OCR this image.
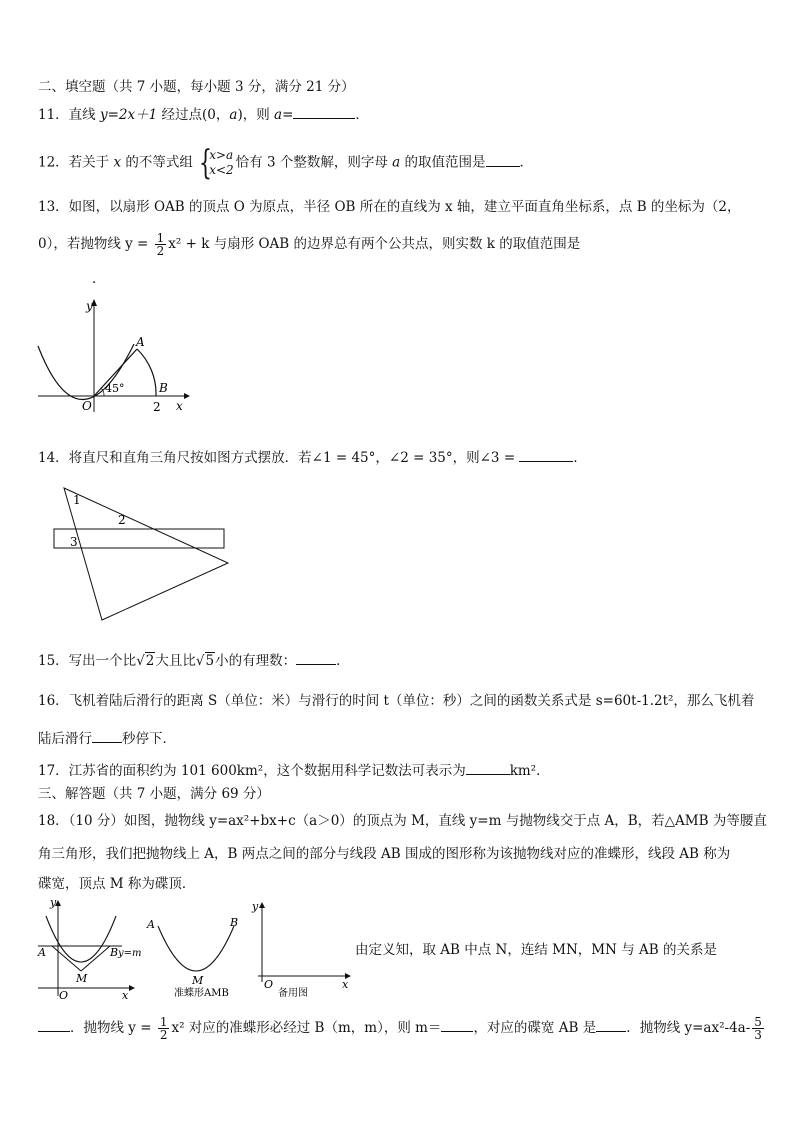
二、填空题（共 7 小题，每小题 3 分，满分 21 分）
11．直线 y=2x＋1 经过点(0，a)，则 a=	．
12．若关于 x 的不等式组 {
x>a
x<2 恰有 3 个整数解，则字母 a 的取值范围是	．
13．如图，以扇形 OAB 的顶点 O 为原点，半径 OB 所在的直线为 x 轴，建立平面直角坐标系，点 B 的坐标为（2，
0），若抛物线 $y = \frac{1}{2} x^2 + k$ 与扇形 OAB 的边界总有两个公共点，则实数 k 的取值范围是
．
y
x
O
A
B
45°
2
14．将直尺和直角三角尺按如图方式摆放．若∠1 = 45°，∠2 = 35°，则∠3 =	．
1
2
3
15．写出一个比√2大且比√5小的有理数：	．
16．飞机着陆后滑行的距离 S（单位：米）与滑行的时间 t（单位：秒）之间的函数关系式是 s=60t-1.2t²，那么飞机着
陆后滑行 秒停下．
17．江苏省的面积约为 101 600km²，这个数据用科学记数法可表示为	km²．
三、解答题（共 7 小题，满分 69 分）
18．（10 分）如图，抛物线 y=ax²+bx+c（a＞0）的顶点为 M，直线 y=m 与抛物线交于点 A，B，若△AMB 为等腰直
角三角形，我们把抛物线上 A，B 两点之间的部分与线段 AB 围成的图形称为该抛物线对应的准蝶形，线段 AB 称为
碟宽，顶点 M 称为碟顶．
y
x
O
A	B y=m
M
A	B
M
准蝶形AMB
y
x
O
备用图
由定义知，取 AB 中点 N，连结 MN，MN 与 AB 的关系是
．抛物线 $y = \frac{1}{2} x^2$ 对应的准蝶形必经过 B（m，m），则 m＝ ，对应的碟宽 AB 是 ．抛物线 $y=ax^2-4a- \frac{5}{3}$
